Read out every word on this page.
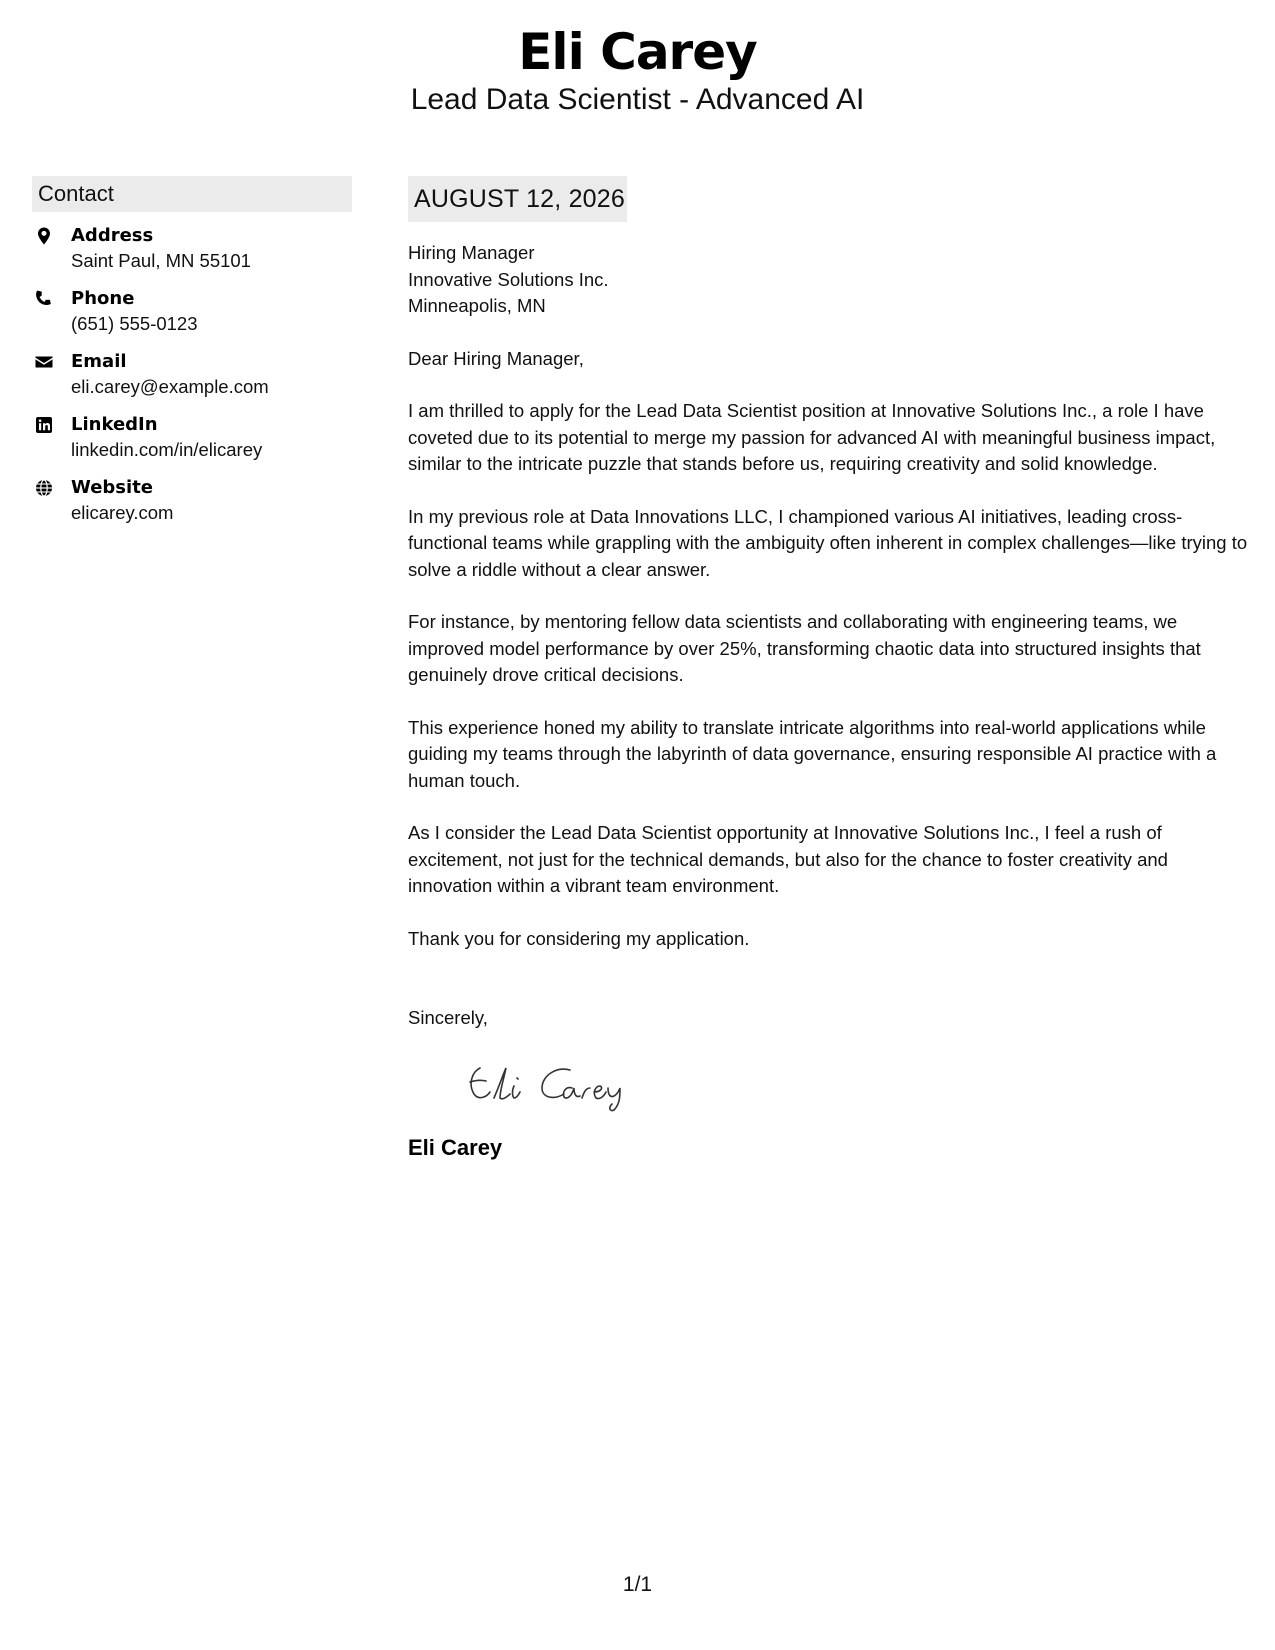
Eli Carey
Lead Data Scientist - Advanced AI
Contact
Address
Saint Paul, MN 55101
Phone
(651) 555-0123
Email
eli.carey@example.com
LinkedIn
linkedin.com/in/elicarey
Website
elicarey.com
AUGUST 12, 2026
Hiring Manager
Innovative Solutions Inc.
Minneapolis, MN
Dear Hiring Manager,
I am thrilled to apply for the Lead Data Scientist position at Innovative Solutions Inc., a role I have coveted due to its potential to merge my passion for advanced AI with meaningful business impact, similar to the intricate puzzle that stands before us, requiring creativity and solid knowledge.
In my previous role at Data Innovations LLC, I championed various AI initiatives, leading cross-functional teams while grappling with the ambiguity often inherent in complex challenges—like trying to solve a riddle without a clear answer.
For instance, by mentoring fellow data scientists and collaborating with engineering teams, we improved model performance by over 25%, transforming chaotic data into structured insights that genuinely drove critical decisions.
This experience honed my ability to translate intricate algorithms into real-world applications while guiding my teams through the labyrinth of data governance, ensuring responsible AI practice with a human touch.
As I consider the Lead Data Scientist opportunity at Innovative Solutions Inc., I feel a rush of excitement, not just for the technical demands, but also for the chance to foster creativity and innovation within a vibrant team environment.
Thank you for considering my application.
Sincerely,
Eli Carey
1/1
